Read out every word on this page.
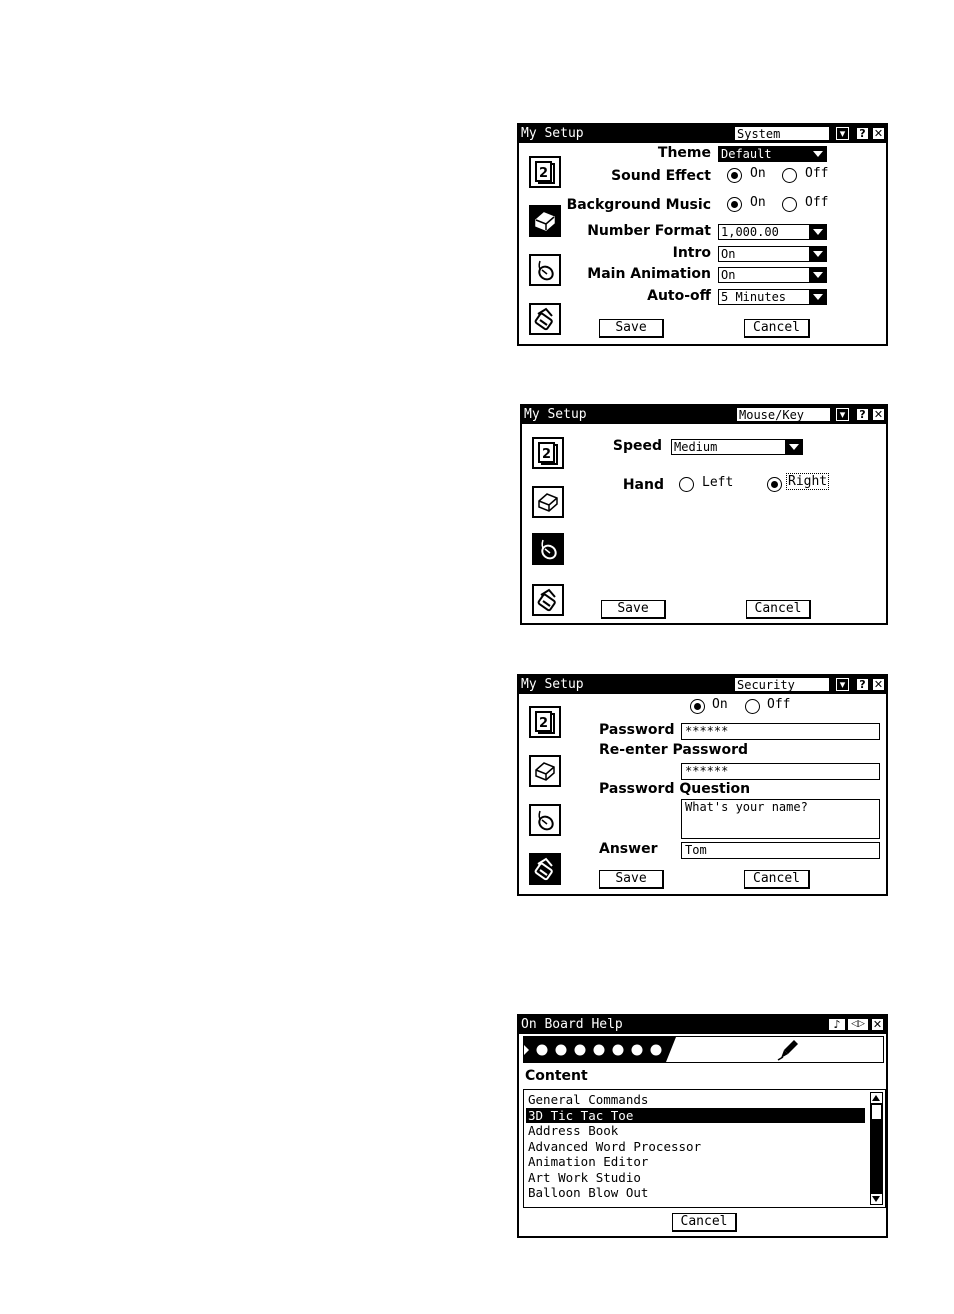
My Setup	System	▾	? ✕
2
Theme Default
Sound Effect	On	Off
Background Music	On	Off
Number Format 1,000.00
Intro On
Main Animation On
Auto-off 5 Minutes
Save	Cancel
My Setup	Mouse/Key	▾	? ✕
2
Speed Medium
Hand	Left	Right
Save	Cancel
My Setup	Security	▾	? ✕
2
On	Off
Password ******
Re-enter Password
******
Password Question
What's your name?
Answer	Tom
Save	Cancel
On Board Help	♪	◁▷ ✕
Content
General Commands
3D Tic Tac Toe
Address Book
Advanced Word Processor
Animation Editor
Art Work Studio
Balloon Blow Out
Cancel
